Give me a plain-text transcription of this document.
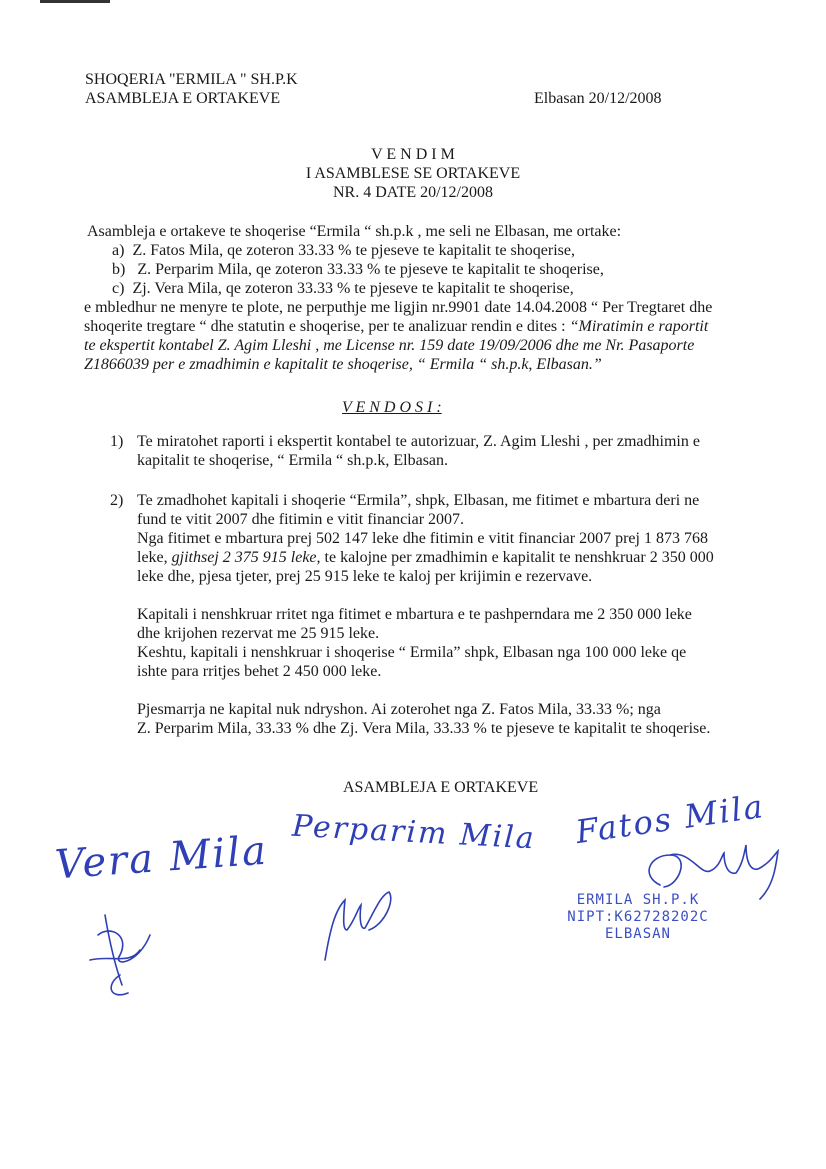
SHOQERIA "ERMILA " SH.P.K
ASAMBLEJA E ORTAKEVE	Elbasan 20/12/2008
V E N D I M
I ASAMBLESE SE ORTAKEVE
NR. 4 DATE 20/12/2008
Asambleja e ortakeve te shoqerise “Ermila “ sh.p.k , me seli ne Elbasan, me ortake:
a) Z. Fatos Mila, qe zoteron 33.33 % te pjeseve te kapitalit te shoqerise,
b) Z. Perparim Mila, qe zoteron 33.33 % te pjeseve te kapitalit te shoqerise,
c) Zj. Vera Mila, qe zoteron 33.33 % te pjeseve te kapitalit te shoqerise,
e mbledhur ne menyre te plote, ne perputhje me ligjin nr.9901 date 14.04.2008 “ Per Tregtaret dhe
shoqerite tregtare “ dhe statutin e shoqerise, per te analizuar rendin e dites : “Miratimin e raportit
te ekspertit kontabel Z. Agim Lleshi , me License nr. 159 date 19/09/2006 dhe me Nr. Pasaporte
Z1866039 per e zmadhimin e kapitalit te shoqerise, “ Ermila “ sh.p.k, Elbasan.”
V E N D O S I :
1) Te miratohet raporti i ekspertit kontabel te autorizuar, Z. Agim Lleshi , per zmadhimin e
kapitalit te shoqerise, “ Ermila “ sh.p.k, Elbasan.
2) Te zmadhohet kapitali i shoqerie “Ermila”, shpk, Elbasan, me fitimet e mbartura deri ne
fund te vitit 2007 dhe fitimin e vitit financiar 2007.
Nga fitimet e mbartura prej 502 147 leke dhe fitimin e vitit financiar 2007 prej 1 873 768
leke, gjithsej 2 375 915 leke, te kalojne per zmadhimin e kapitalit te nenshkruar 2 350 000
leke dhe, pjesa tjeter, prej 25 915 leke te kaloj per krijimin e rezervave.
Kapitali i nenshkruar rritet nga fitimet e mbartura e te pashperndara me 2 350 000 leke
dhe krijohen rezervat me 25 915 leke.
Keshtu, kapitali i nenshkruar i shoqerise “ Ermila” shpk, Elbasan nga 100 000 leke qe
ishte para rritjes behet 2 450 000 leke.
Pjesmarrja ne kapital nuk ndryshon. Ai zoterohet nga Z. Fatos Mila, 33.33 %; nga
Z. Perparim Mila, 33.33 % dhe Zj. Vera Mila, 33.33 % te pjeseve te kapitalit te shoqerise.
ASAMBLEJA E ORTAKEVE
Vera Mila Perparim Mila Fatos Mila
ERMILA SH.P.K
NIPT:K62728202C
ELBASAN
